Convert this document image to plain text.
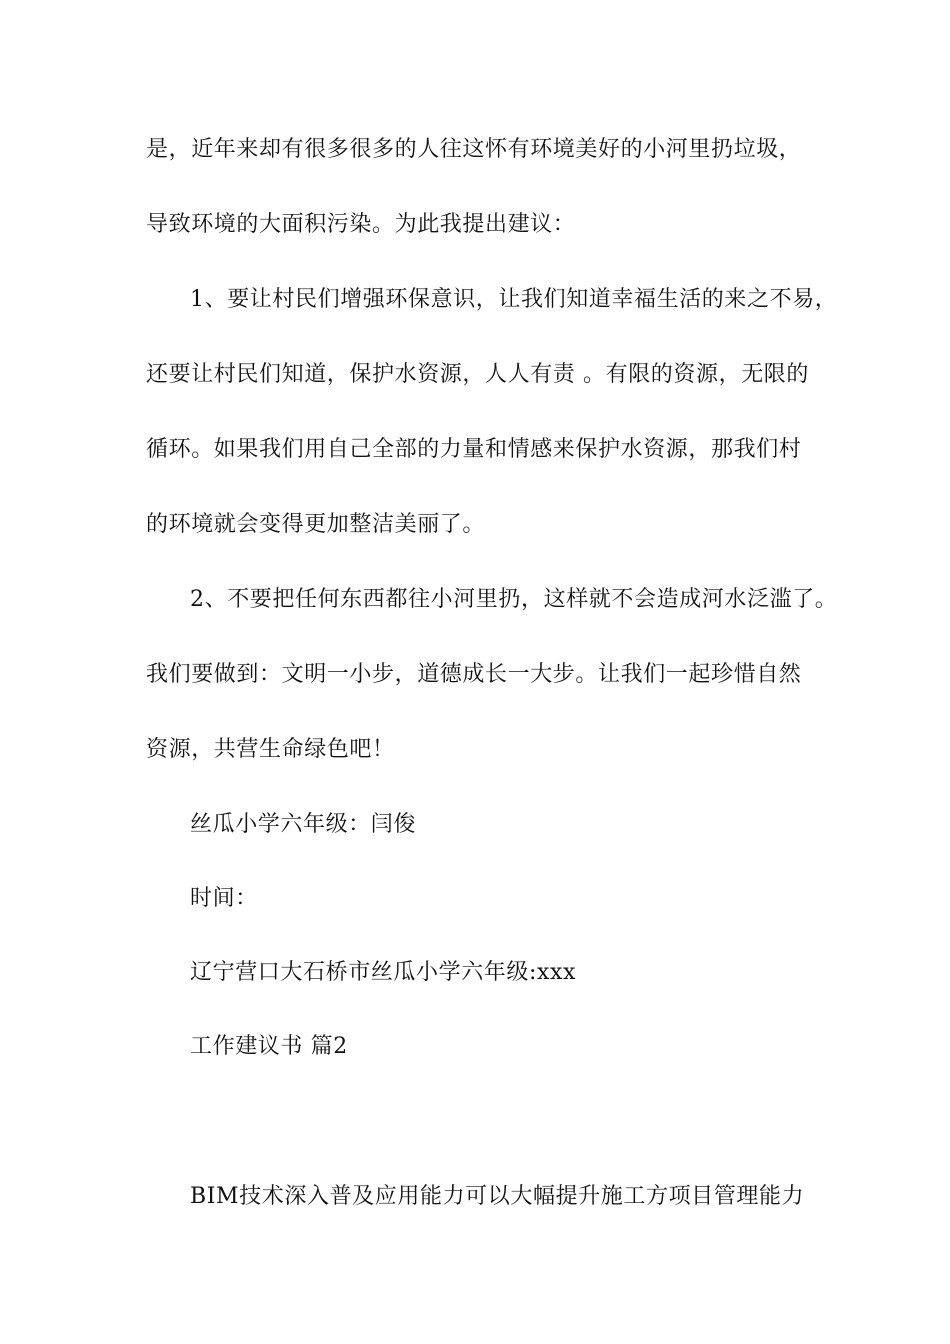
是，近年来却有很多很多的人往这怀有环境美好的小河里扔垃圾，
导致环境的大面积污染。为此我提出建议：
1、要让村民们增强环保意识，让我们知道幸福生活的来之不易，
还要让村民们知道，保护水资源，人人有责 。有限的资源，无限的
循环。如果我们用自己全部的力量和情感来保护水资源，那我们村
的环境就会变得更加整洁美丽了。
2、不要把任何东西都往小河里扔，这样就不会造成河水泛滥了。
我们要做到：文明一小步，道德成长一大步。让我们一起珍惜自然
资源，共营生命绿色吧！
丝瓜小学六年级：闫俊
时间：
辽宁营口大石桥市丝瓜小学六年级:xxx
工作建议书 篇2
BIM技术深入普及应用能力可以大幅提升施工方项目管理能力
